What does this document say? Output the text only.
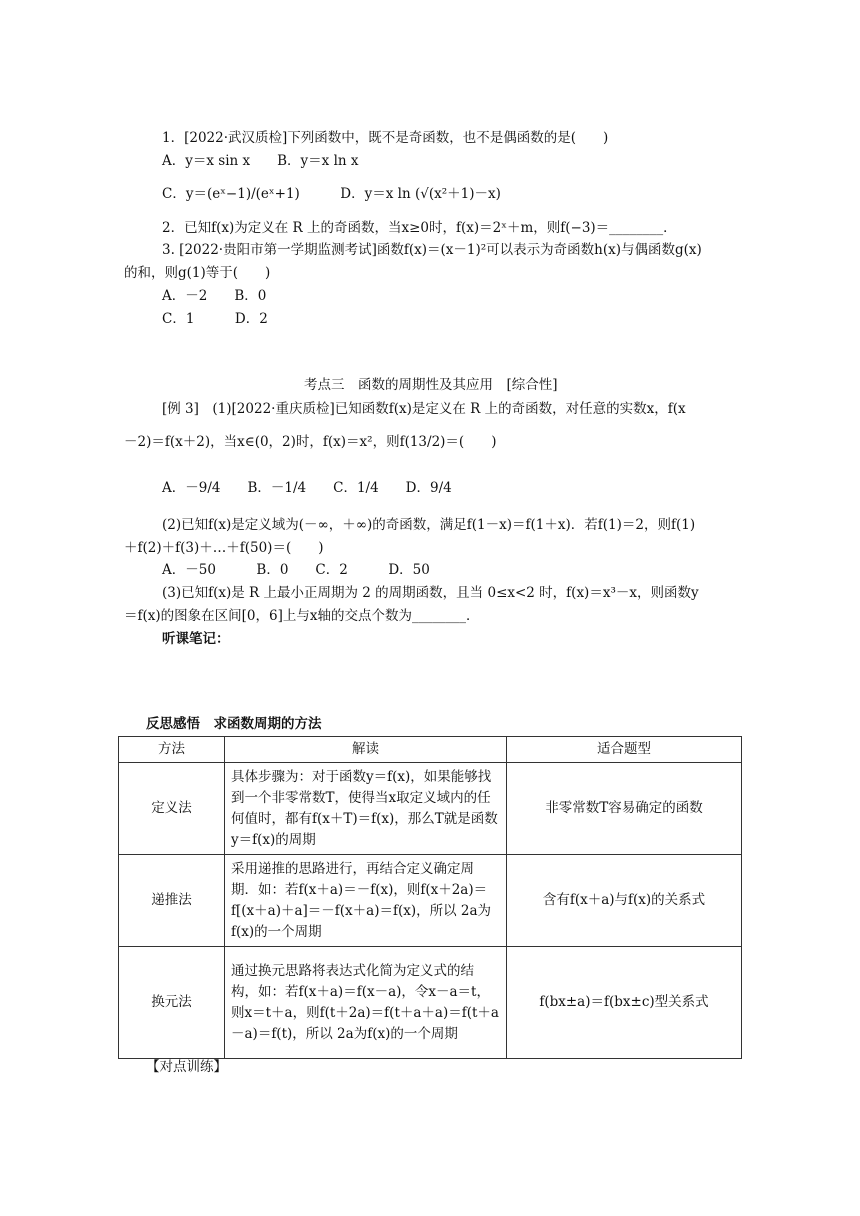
1．[2022·武汉质检]下列函数中，既不是奇函数，也不是偶函数的是(　　)
A．y＝x sin x　　B．y＝x ln x
C．y＝(eˣ−1)/(eˣ+1)　　　D．y＝x ln (√(x²＋1)－x)
2．已知f(x)为定义在 R 上的奇函数，当x≥0时，f(x)＝2ˣ＋m，则f(−3)＝________．
3. [2022·贵阳市第一学期监测考试]函数f(x)＝(x－1)²可以表示为奇函数h(x)与偶函数g(x)
的和，则g(1)等于(　　)
A．－2　　B．0
C．1　　　D．2
考点三　函数的周期性及其应用　[综合性]
[例 3]　(1)[2022·重庆质检]已知函数f(x)是定义在 R 上的奇函数，对任意的实数x，f(x
－2)＝f(x＋2)，当x∈(0，2)时，f(x)＝x²，则f(13/2)＝(　　)
A．－9/4　　B．－1/4　　C．1/4　　D．9/4
(2)已知f(x)是定义域为(－∞，＋∞)的奇函数，满足f(1－x)＝f(1＋x)．若f(1)＝2，则f(1)
＋f(2)＋f(3)＋…＋f(50)＝(　　)
A．－50　　　B．0　　C．2　　　D．50
(3)已知f(x)是 R 上最小正周期为 2 的周期函数，且当 0≤x<2 时，f(x)＝x³－x，则函数y
＝f(x)的图象在区间[0，6]上与x轴的交点个数为________．
听课笔记：
反思感悟　求函数周期的方法
方法	解读	适合题型
定义法	具体步骤为：对于函数y＝f(x)，如果能够找到一个非零常数T，使得当x取定义域内的任何值时，都有f(x＋T)＝f(x)，那么T就是函数y＝f(x)的周期	非零常数T容易确定的函数
递推法	采用递推的思路进行，再结合定义确定周期．如：若f(x＋a)＝－f(x)，则f(x＋2a)＝f[(x＋a)＋a]＝－f(x＋a)＝f(x)，所以 2a为f(x)的一个周期	含有f(x＋a)与f(x)的关系式
换元法	通过换元思路将表达式化简为定义式的结构，如：若f(x＋a)＝f(x－a)，令x－a＝t，则x＝t＋a，则f(t＋2a)＝f(t＋a＋a)＝f(t＋a－a)＝f(t)，所以 2a为f(x)的一个周期	f(bx±a)＝f(bx±c)型关系式
【对点训练】
